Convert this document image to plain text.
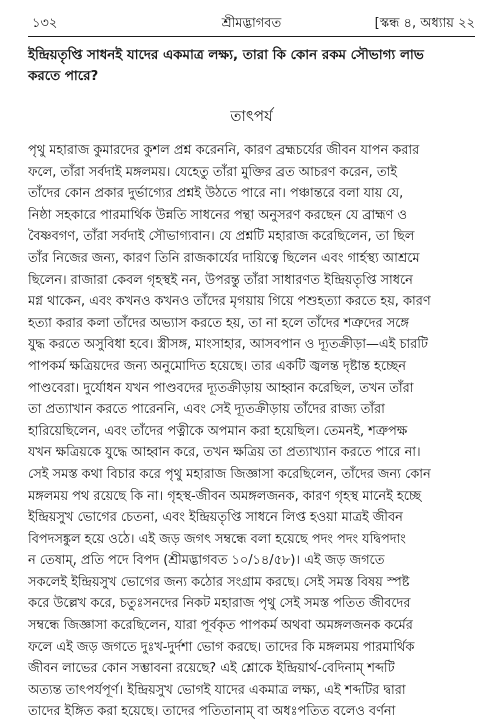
১৩২	শ্রীমদ্ভাগবত	[স্কন্ধ ৪, অধ্যায় ২২
ইন্দ্রিয়তৃপ্তি সাধনই যাদের একমাত্র লক্ষ্য, তারা কি কোন রকম সৌভাগ্য লাভ
করতে পারে?
তাৎপর্য
পৃথু মহারাজ কুমারদের কুশল প্রশ্ন করেননি, কারণ ব্রহ্মচর্যের জীবন যাপন করার
ফলে, তাঁরা সর্বদাই মঙ্গলময়। যেহেতু তাঁরা মুক্তির ব্রত আচরণ করেন, তাই
তাঁদের কোন প্রকার দুর্ভাগ্যের প্রশ্নই উঠতে পারে না। পঞ্চান্তরে বলা যায় যে,
নিষ্ঠা সহকারে পারমার্থিক উন্নতি সাধনের পন্থা অনুসরণ করছেন যে ব্রাহ্মণ ও
বৈষ্ণবগণ, তাঁরা সর্বদাই সৌভাগ্যবান। যে প্রশ্নটি মহারাজ করেছিলেন, তা ছিল
তাঁর নিজের জন্য, কারণ তিনি রাজকার্যের দায়িত্বে ছিলেন এবং গার্হস্থ্য আশ্রমে
ছিলেন। রাজারা কেবল গৃহস্থই নন, উপরন্তু তাঁরা সাধারণত ইন্দ্রিয়তৃপ্তি সাধনে
মগ্ন থাকেন, এবং কখনও কখনও তাঁদের মৃগয়ায় গিয়ে পশুহত্যা করতে হয়, কারণ
হত্যা করার কলা তাঁদের অভ্যাস করতে হয়, তা না হলে তাঁদের শত্রুদের সঙ্গে
যুদ্ধ করতে অসুবিধা হবে। স্ত্রীসঙ্গ, মাংসাহার, আসবপান ও দ্যূতক্রীড়া—এই চারটি
পাপকর্ম ক্ষত্রিয়দের জন্য অনুমোদিত হয়েছে। তার একটি জ্বলন্ত দৃষ্টান্ত হচ্ছেন
পাণ্ডবেরা। দুর্যোধন যখন পাণ্ডবদের দ্যূতক্রীড়ায় আহ্বান করেছিল, তখন তাঁরা
তা প্রত্যাখান করতে পারেননি, এবং সেই দ্যূতক্রীড়ায় তাঁদের রাজ্য তাঁরা
হারিয়েছিলেন, এবং তাঁদের পত্নীকে অপমান করা হয়েছিল। তেমনই, শত্রুপক্ষ
যখন ক্ষত্রিয়কে যুদ্ধে আহ্বান করে, তখন ক্ষত্রিয় তা প্রত্যাখ্যান করতে পারে না।
সেই সমস্ত কথা বিচার করে পৃথু মহারাজ জিজ্ঞাসা করেছিলেন, তাঁদের জন্য কোন
মঙ্গলময় পথ রয়েছে কি না। গৃহস্থ-জীবন অমঙ্গলজনক, কারণ গৃহস্থ মানেই হচ্ছে
ইন্দ্রিয়সুখ ভোগের চেতনা, এবং ইন্দ্রিয়তৃপ্তি সাধনে লিপ্ত হওয়া মাত্রই জীবন
বিপদসঙ্কুল হয়ে ওঠে। এই জড় জগৎ সম্বন্ধে বলা হয়েছে পদং পদং যদ্বিপদাং
ন তেষাম্, প্রতি পদে বিপদ (শ্রীমদ্ভাগবত ১০/১৪/৫৮)। এই জড় জগতে
সকলেই ইন্দ্রিয়সুখ ভোগের জন্য কঠোর সংগ্রাম করছে। সেই সমস্ত বিষয় স্পষ্ট
করে উল্লেখ করে, চতুঃসনদের নিকট মহারাজ পৃথু সেই সমস্ত পতিত জীবদের
সম্বন্ধে জিজ্ঞাসা করেছিলেন, যারা পূর্বকৃত পাপকর্ম অথবা অমঙ্গলজনক কর্মের
ফলে এই জড় জগতে দুঃখ-দুর্দশা ভোগ করছে। তাদের কি মঙ্গলময় পারমার্থিক
জীবন লাভের কোন সম্ভাবনা রয়েছে? এই শ্লোকে ইন্দ্রিয়ার্থ-বেদিনাম্ শব্দটি
অত্যন্ত তাৎপর্যপূর্ণ। ইন্দ্রিয়সুখ ভোগই যাদের একমাত্র লক্ষ্য, এই শব্দটির দ্বারা
তাদের ইঙ্গিত করা হয়েছে। তাদের পতিতানাম্ বা অধঃপতিত বলেও বর্ণনা
